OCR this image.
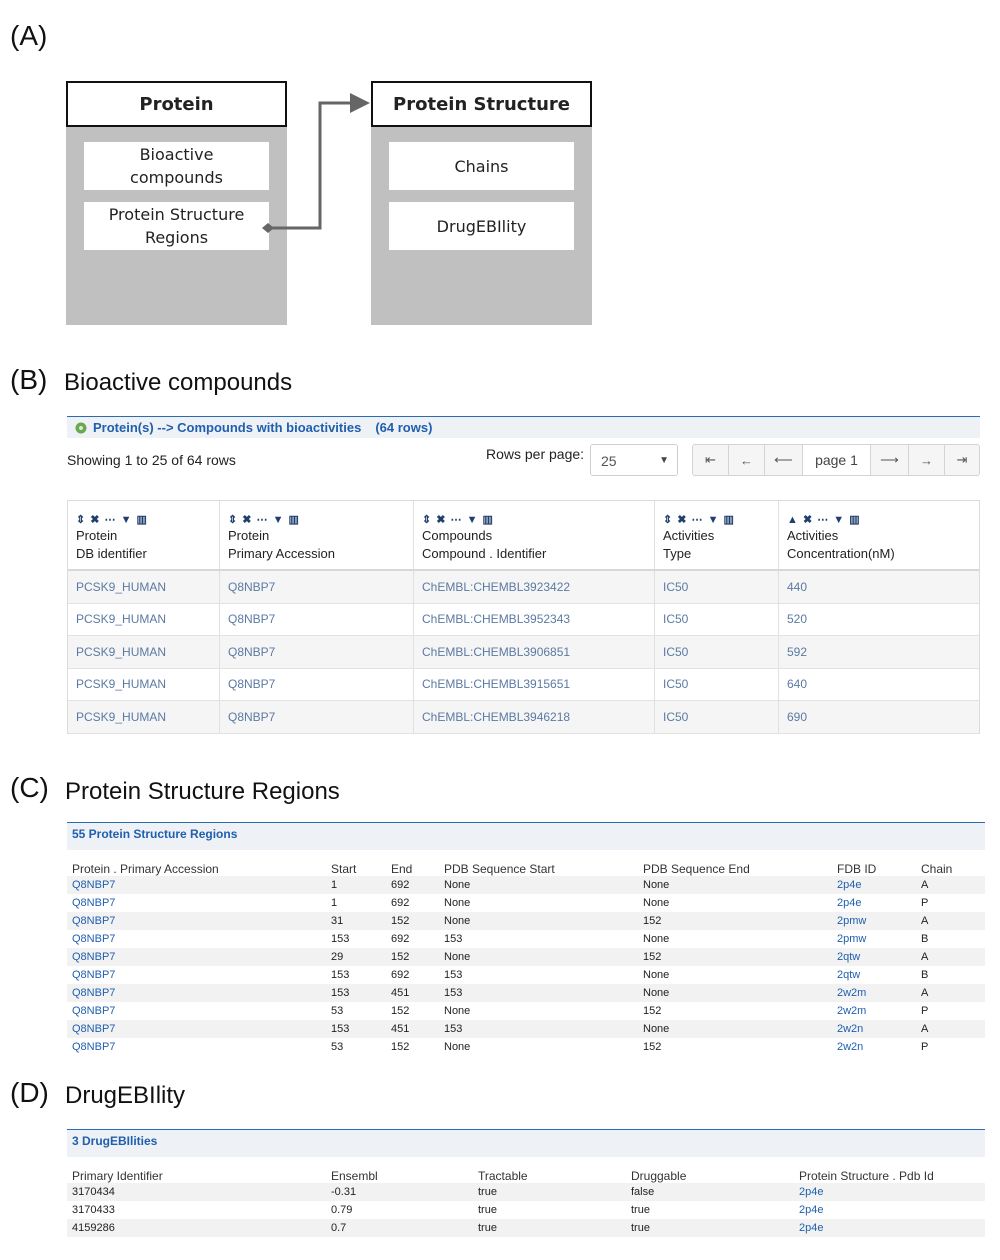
(A)
Protein
Bioactive compounds
Protein Structure Regions
Protein Structure
Chains
DrugEBIlity
(B) Bioactive compounds
Protein(s) --> Compounds with bioactivities (64 rows)
Showing 1 to 25 of 64 rows	Rows per page:	25	▼	⇤	←	⟵	page 1	⟶	→	⇥
⇕ ✖ ⋯ ▼ ▥
Protein
DB identifier
⇕ ✖ ⋯ ▼ ▥
Protein
Primary Accession
⇕ ✖ ⋯ ▼ ▥
Compounds
Compound . Identifier
⇕ ✖ ⋯ ▼ ▥
Activities
Type
▲ ✖ ⋯ ▼ ▥
Activities
Concentration(nM)
PCSK9_HUMAN	Q8NBP7	ChEMBL:CHEMBL3923422	IC50	440
PCSK9_HUMAN	Q8NBP7	ChEMBL:CHEMBL3952343	IC50	520
PCSK9_HUMAN	Q8NBP7	ChEMBL:CHEMBL3906851	IC50	592
PCSK9_HUMAN	Q8NBP7	ChEMBL:CHEMBL3915651	IC50	640
PCSK9_HUMAN	Q8NBP7	ChEMBL:CHEMBL3946218	IC50	690
(C) Protein Structure Regions
55 Protein Structure Regions
Protein . Primary Accession	Start	End	PDB Sequence Start	PDB Sequence End	FDB ID	Chain
Q8NBP7	1	692	None	None	2p4e	A
Q8NBP7	1	692	None	None	2p4e	P
Q8NBP7	31	152	None	152	2pmw	A
Q8NBP7	153	692	153	None	2pmw	B
Q8NBP7	29	152	None	152	2qtw	A
Q8NBP7	153	692	153	None	2qtw	B
Q8NBP7	153	451	153	None	2w2m	A
Q8NBP7	53	152	None	152	2w2m	P
Q8NBP7	153	451	153	None	2w2n	A
Q8NBP7	53	152	None	152	2w2n	P
(D) DrugEBIlity
3 DrugEBIlities
Primary Identifier	Ensembl	Tractable	Druggable	Protein Structure . Pdb Id
3170434	-0.31	true	false	2p4e
3170433	0.79	true	true	2p4e
4159286	0.7	true	true	2p4e
